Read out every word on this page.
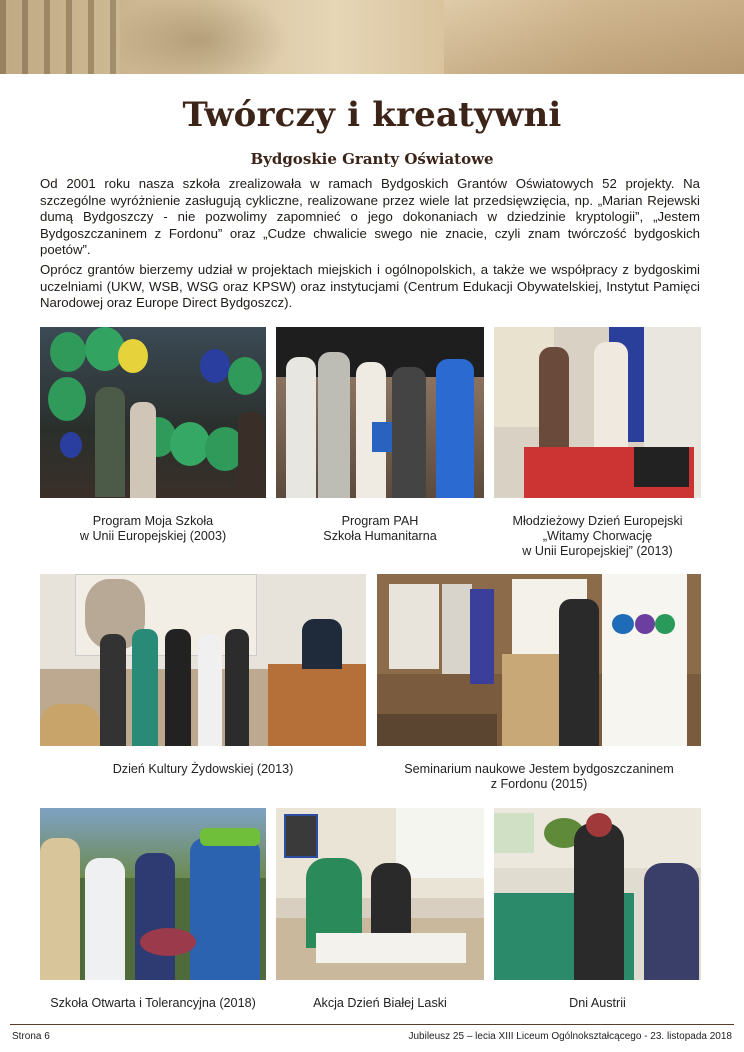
Twórczy i kreatywni
Bydgoskie Granty Oświatowe

Od 2001 roku nasza szkoła zrealizowała w ramach Bydgoskich Grantów Oświatowych 52 projekty. Na szczególne wyróżnienie zasługują cykliczne, realizowane przez wiele lat przedsięwzięcia, np. „Marian Rejewski dumą Bydgoszczy - nie pozwolimy zapomnieć o jego dokonaniach w dziedzinie kryptologii”, „Jestem Bydgoszczaninem z Fordonu” oraz „Cudze chwalicie swego nie znacie, czyli znam twórczość bydgoskich poetów”.

Oprócz grantów bierzemy udział w projektach miejskich i ogólnopolskich, a także we współpracy z bydgoskimi uczelniami (UKW, WSB, WSG oraz KPSW) oraz instytucjami (Centrum Edukacji Obywatelskiej, Instytut Pamięci Narodowej oraz Europe Direct Bydgoszcz).

Program Moja Szkoła
w Unii Europejskiej (2003)
Program PAH
Szkoła Humanitarna
Młodzieżowy Dzień Europejski
„Witamy Chorwację
w Unii Europejskiej” (2013)
Dzień Kultury Żydowskiej (2013)	Seminarium naukowe Jestem bydgoszczaninem
z Fordonu (2015)
Szkoła Otwarta i Tolerancyjna (2018)	Akcja Dzień Białej Laski	Dni Austrii
Strona 6	Jubileusz 25 – lecia XIII Liceum Ogólnokształcącego - 23. listopada 2018
